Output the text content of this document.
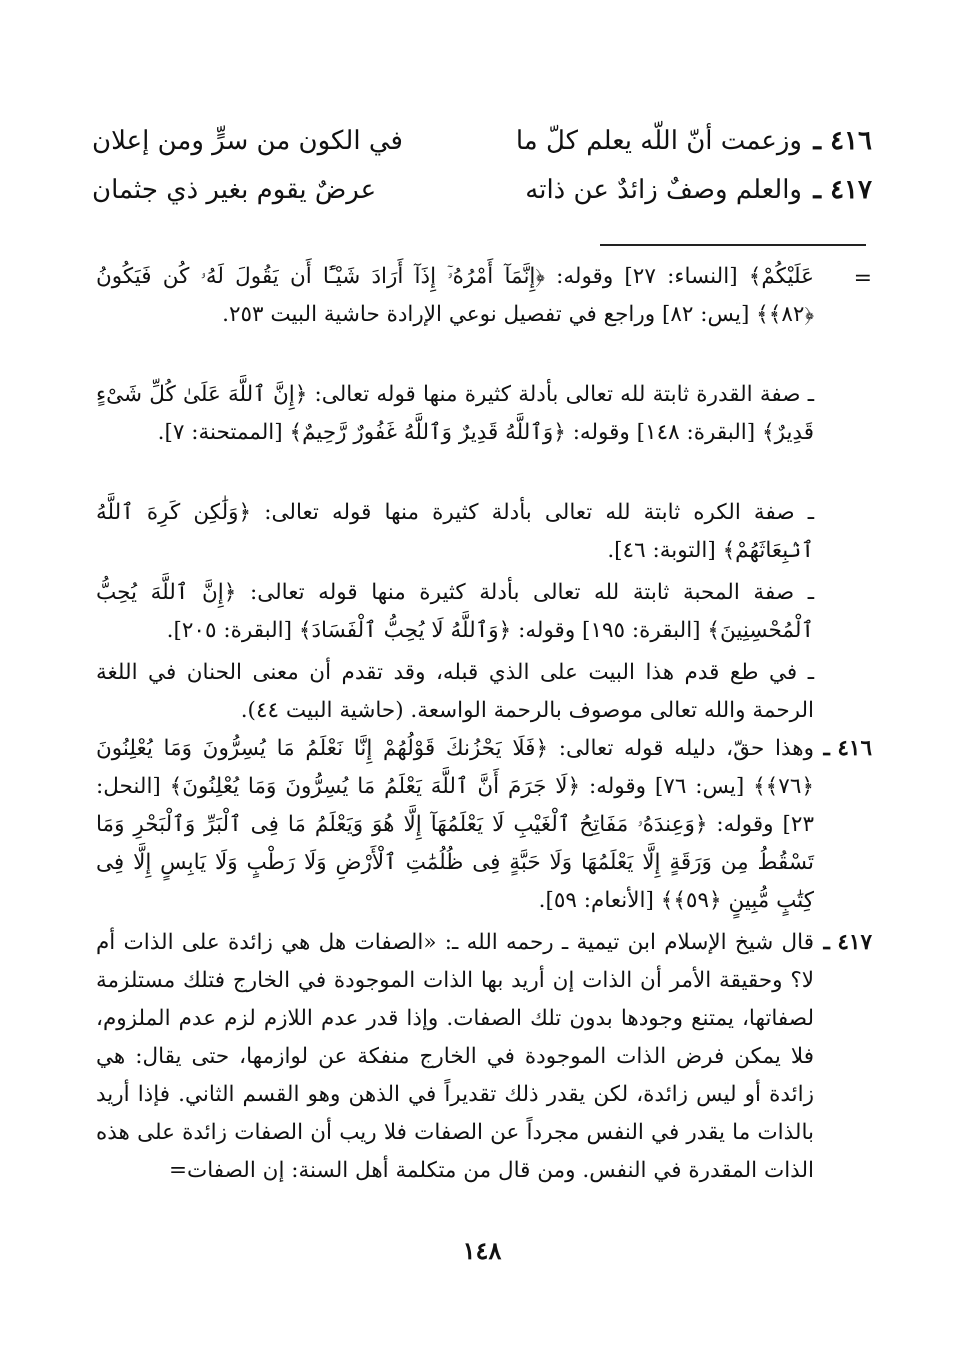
٤١٦ ـ
وزعمت أنّ اللّه يعلم كلّ ما
في الكون من سرٍّ ومن إعلان
٤١٧ ـ
والعلم وصفٌ زائدٌ عن ذاته
عرضٌ يقوم بغير ذي جثمان
=
عَلَيْكُمْ﴾ [النساء: ٢٧] وقوله: ﴿إِنَّمَآ أَمْرُهُۥٓ إِذَآ أَرَادَ شَيْـًٔا أَن يَقُولَ لَهُۥ كُن فَيَكُونُ ﴿٨٢﴾﴾ [يس: ٨٢] وراجع في تفصيل نوعي الإرادة حاشية البيت ٢٥٣.
ـ صفة القدرة ثابتة لله تعالى بأدلة كثيرة منها قوله تعالى: ﴿إِنَّ ٱللَّهَ عَلَىٰ كُلِّ شَىْءٍ قَدِيرٌ﴾ [البقرة: ١٤٨] وقوله: ﴿وَٱللَّهُ قَدِيرٌ وَٱللَّهُ غَفُورٌ رَّحِيمٌ﴾ [الممتحنة: ٧].
ـ صفة الكره ثابتة لله تعالى بأدلة كثيرة منها قوله تعالى: ﴿وَلَٰكِن كَرِهَ ٱللَّهُ ٱنۢبِعَاثَهُمْ﴾ [التوبة: ٤٦].
ـ صفة المحبة ثابتة لله تعالى بأدلة كثيرة منها قوله تعالى: ﴿إِنَّ ٱللَّهَ يُحِبُّ ٱلْمُحْسِنِينَ﴾ [البقرة: ١٩٥] وقوله: ﴿وَٱللَّهُ لَا يُحِبُّ ٱلْفَسَادَ﴾ [البقرة: ٢٠٥].
ـ في طع قدم هذا البيت على الذي قبله، وقد تقدم أن معنى الحنان في اللغة الرحمة والله تعالى موصوف بالرحمة الواسعة. (حاشية البيت ٤٤).
٤١٦ ـ
وهذا حقّ، دليله قوله تعالى: ﴿فَلَا يَحْزُنكَ قَوْلُهُمْ إِنَّا نَعْلَمُ مَا يُسِرُّونَ وَمَا يُعْلِنُونَ ﴿٧٦﴾﴾ [يس: ٧٦] وقوله: ﴿لَا جَرَمَ أَنَّ ٱللَّهَ يَعْلَمُ مَا يُسِرُّونَ وَمَا يُعْلِنُونَ﴾ [النحل: ٢٣] وقوله: ﴿وَعِندَهُۥ مَفَاتِحُ ٱلْغَيْبِ لَا يَعْلَمُهَآ إِلَّا هُوَ وَيَعْلَمُ مَا فِى ٱلْبَرِّ وَٱلْبَحْرِ وَمَا تَسْقُطُ مِن وَرَقَةٍ إِلَّا يَعْلَمُهَا وَلَا حَبَّةٍ فِى ظُلُمَٰتِ ٱلْأَرْضِ وَلَا رَطْبٍ وَلَا يَابِسٍ إِلَّا فِى كِتَٰبٍ مُّبِينٍ ﴿٥٩﴾﴾ [الأنعام: ٥٩].
٤١٧ ـ
قال شيخ الإسلام ابن تيمية ـ رحمه الله ـ: «الصفات هل هي زائدة على الذات أم لا؟ وحقيقة الأمر أن الذات إن أريد بها الذات الموجودة في الخارج فتلك مستلزمة لصفاتها، يمتنع وجودها بدون تلك الصفات. وإذا قدر عدم اللازم لزم عدم الملزوم، فلا يمكن فرض الذات الموجودة في الخارج منفكة عن لوازمها، حتى يقال: هي زائدة أو ليس زائدة، لكن يقدر ذلك تقديراً في الذهن وهو القسم الثاني. فإذا أريد بالذات ما يقدر في النفس مجرداً عن الصفات فلا ريب أن الصفات زائدة على هذه الذات المقدرة في النفس. ومن قال من متكلمة أهل السنة: إن الصفات=
١٤٨
